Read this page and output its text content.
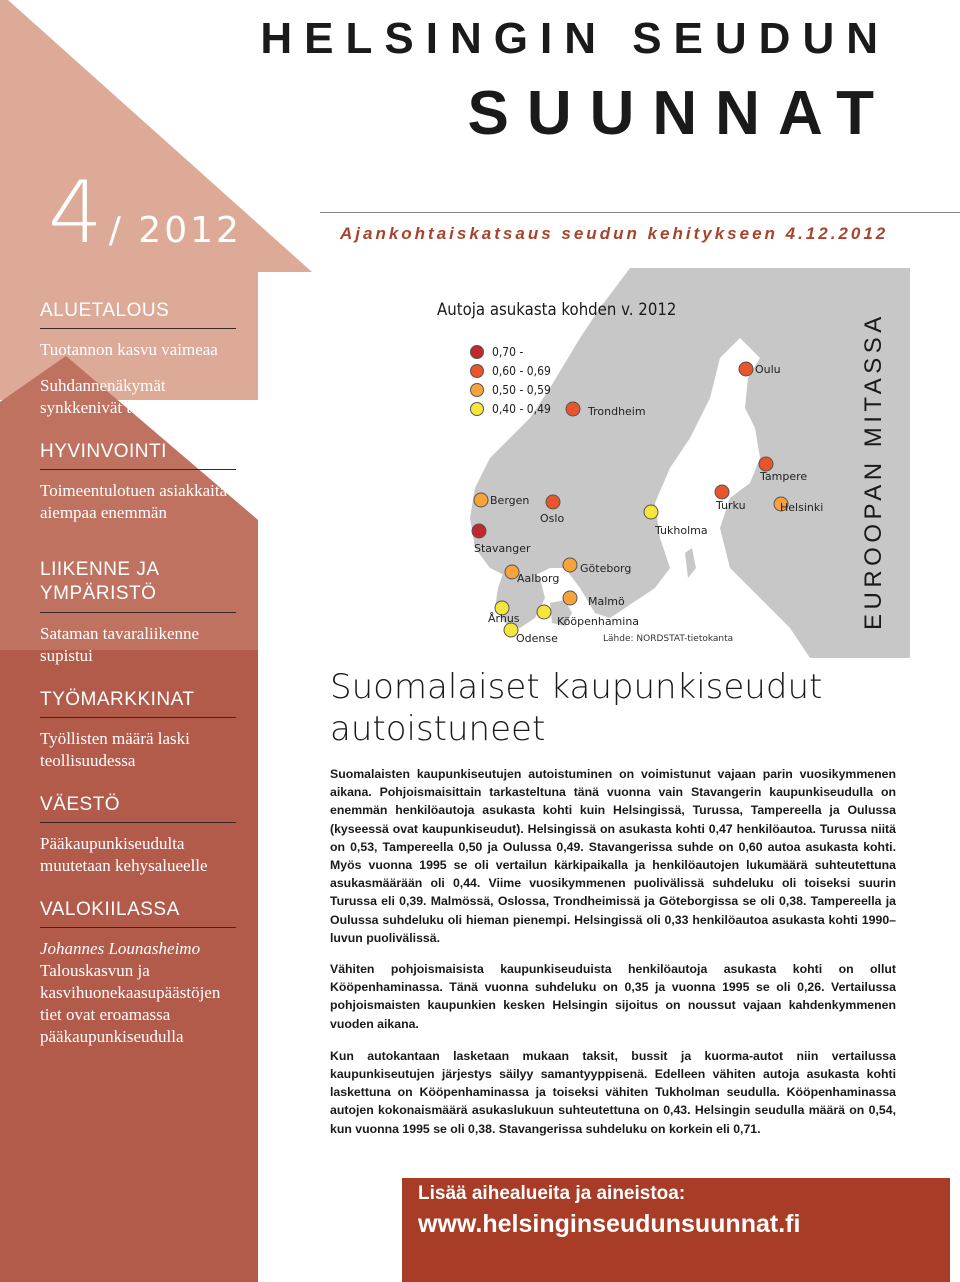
4 / 2012
HELSINGIN SEUDUN
SUUNNAT
Ajankohtaiskatsaus seudun kehitykseen 4.12.2012
ALUETALOUS
Tuotannon kasvu vaimeaa
Suhdannenäkymät synkkenivät tuntuvasti
HYVINVOINTI
Toimeentulotuen asiakkaita aiempaa enemmän
LIIKENNE JA YMPÄRISTÖ
Sataman tavaraliikenne supistui
TYÖMARKKINAT
Työllisten määrä laski teollisuudessa
VÄESTÖ
Pääkaupunkiseudulta muutetaan kehysalueelle
VALOKIILASSA
Johannes Lounasheimo
Talouskasvun ja kasvihuonekaasupäästöjen tiet ovat eroamassa pääkaupunkiseudulla
Autoja asukasta kohden v. 2012
0,70 -
0,60 - 0,69
0,50 - 0,59
0,40 - 0,49
Oulu
Trondheim
Tampere
Bergen	Turku	Helsinki
Oslo
Tukholma
Stavanger
Göteborg
Aalborg
Malmö
Århus	Kööpenhamina
Odense	Lähde: NORDSTAT-tietokanta
EUROOPAN MITASSA
Suomalaiset kaupunkiseudut
autoistuneet

Suomalaisten kaupunkiseutujen autoistuminen on voimistunut vajaan parin vuosikymmenen aikana. Pohjoismaisittain tarkasteltuna tänä vuonna vain Stavangerin kaupunkiseudulla on enemmän henkilöautoja asukasta kohti kuin Helsingissä, Turussa, Tampereella ja Oulussa (kyseessä ovat kaupunkiseudut). Helsingissä on asukasta kohti 0,47 henkilöautoa. Turussa niitä on 0,53, Tampereella 0,50 ja Oulussa 0,49. Stavangerissa suhde on 0,60 autoa asukasta kohti. Myös vuonna 1995 se oli vertailun kärkipaikalla ja henkilöautojen lukumäärä suhteutettuna asukasmäärään oli 0,44. Viime vuosikymmenen puolivälissä suhdeluku oli toiseksi suurin Turussa eli 0,39. Malmössä, Oslossa, Trondheimissä ja Göteborgissa se oli 0,38. Tampereella ja Oulussa suhdeluku oli hieman pienempi. Helsingissä oli 0,33 henkilöautoa asukasta kohti 1990–luvun puolivälissä.

Vähiten pohjoismaisista kaupunkiseuduista henkilöautoja asukasta kohti on ollut Kööpenhaminassa. Tänä vuonna suhdeluku on 0,35 ja vuonna 1995 se oli 0,26. Vertailussa pohjoismaisten kaupunkien kesken Helsingin sijoitus on noussut vajaan kahdenkymmenen vuoden aikana.

Kun autokantaan lasketaan mukaan taksit, bussit ja kuorma-autot niin vertailussa kaupunkiseutujen järjestys säilyy samantyyppisenä. Edelleen vähiten autoja asukasta kohti laskettuna on Kööpenhaminassa ja toiseksi vähiten Tukholman seudulla. Kööpenhaminassa autojen kokonaismäärä asukaslukuun suhteutettuna on 0,43. Helsingin seudulla määrä on 0,54, kun vuonna 1995 se oli 0,38. Stavangerissa suhdeluku on korkein eli 0,71.

Lisää aihealueita ja aineistoa:
www.helsinginseudunsuunnat.fi
